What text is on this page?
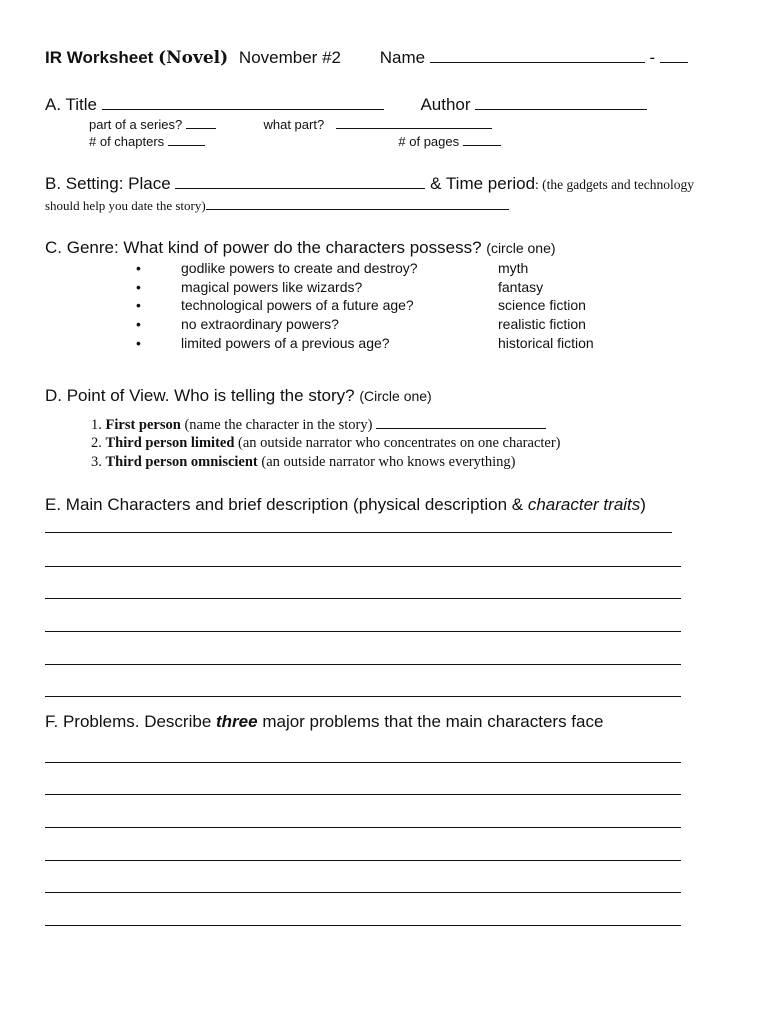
IR Worksheet (Novel) November #2 Name	-
A. Title	Author
part of a series?	what part?
# of chapters	# of pages
B. Setting: Place	& Time period: (the gadgets and technology
should help you date the story)
C. Genre: What kind of power do the characters possess? (circle one)
•	godlike powers to create and destroy?	myth
•	magical powers like wizards?	fantasy
•	technological powers of a future age?	science fiction
•	no extraordinary powers?	realistic fiction
•	limited powers of a previous age?	historical fiction
D. Point of View. Who is telling the story? (Circle one)
1. First person (name the character in the story)
2. Third person limited (an outside narrator who concentrates on one character)
3. Third person omniscient (an outside narrator who knows everything)
E. Main Characters and brief description (physical description & character traits)
F. Problems. Describe three major problems that the main characters face
